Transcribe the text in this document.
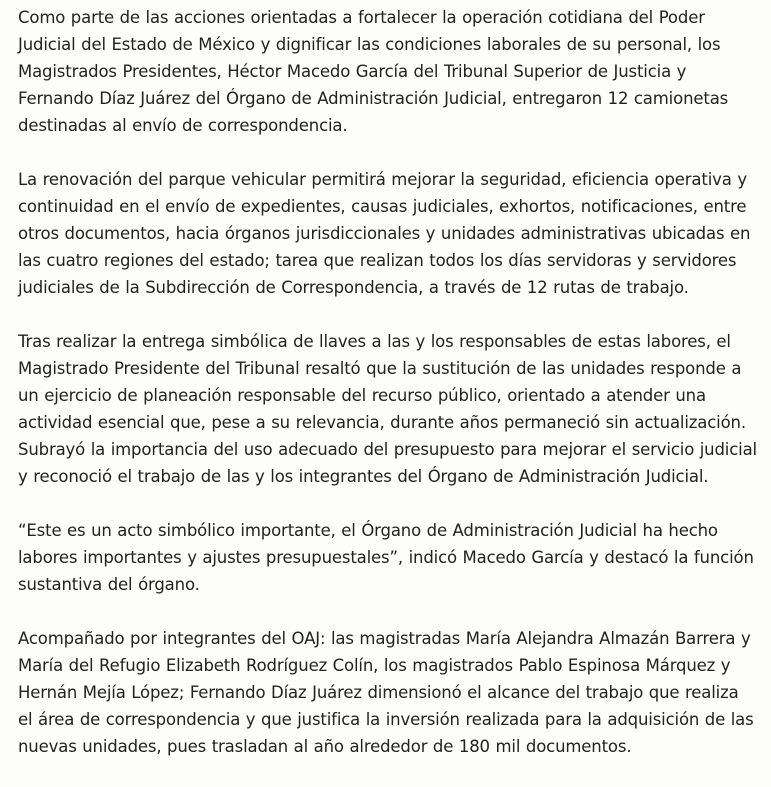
Como parte de las acciones orientadas a fortalecer la operación cotidiana del Poder Judicial del Estado de México y dignificar las condiciones laborales de su personal, los Magistrados Presidentes, Héctor Macedo García del Tribunal Superior de Justicia y Fernando Díaz Juárez del Órgano de Administración Judicial, entregaron 12 camionetas destinadas al envío de correspondencia.

La renovación del parque vehicular permitirá mejorar la seguridad, eficiencia operativa y continuidad en el envío de expedientes, causas judiciales, exhortos, notificaciones, entre otros documentos, hacia órganos jurisdiccionales y unidades administrativas ubicadas en las cuatro regiones del estado; tarea que realizan todos los días servidoras y servidores judiciales de la Subdirección de Correspondencia, a través de 12 rutas de trabajo.

Tras realizar la entrega simbólica de llaves a las y los responsables de estas labores, el Magistrado Presidente del Tribunal resaltó que la sustitución de las unidades responde a un ejercicio de planeación responsable del recurso público, orientado a atender una actividad esencial que, pese a su relevancia, durante años permaneció sin actualización. Subrayó la importancia del uso adecuado del presupuesto para mejorar el servicio judicial y reconoció el trabajo de las y los integrantes del Órgano de Administración Judicial.

“Este es un acto simbólico importante, el Órgano de Administración Judicial ha hecho labores importantes y ajustes presupuestales”, indicó Macedo García y destacó la función sustantiva del órgano.

Acompañado por integrantes del OAJ: las magistradas María Alejandra Almazán Barrera y María del Refugio Elizabeth Rodríguez Colín, los magistrados Pablo Espinosa Márquez y Hernán Mejía López; Fernando Díaz Juárez dimensionó el alcance del trabajo que realiza el área de correspondencia y que justifica la inversión realizada para la adquisición de las nuevas unidades, pues trasladan al año alrededor de 180 mil documentos.
